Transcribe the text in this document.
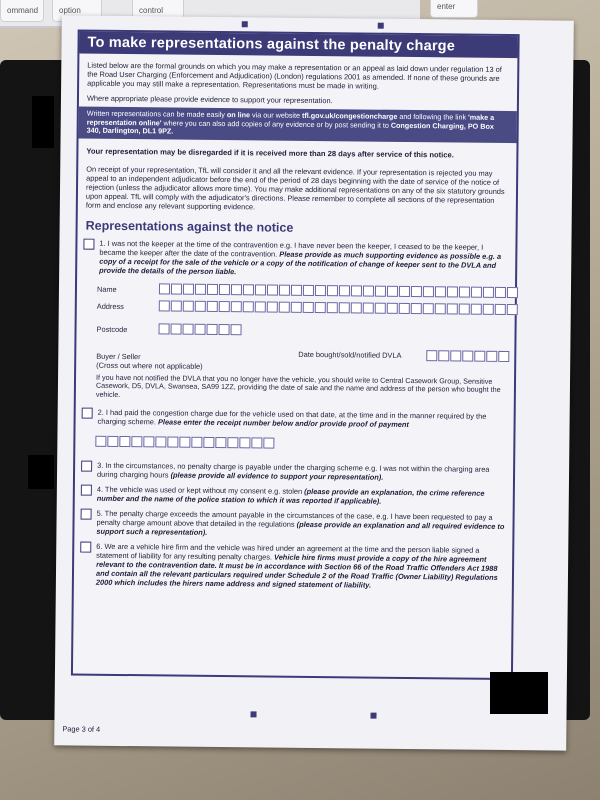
ommand	option	control	enter
To make representations against the penalty charge
Listed below are the formal grounds on which you may make a representation or an appeal as laid down under regulation 13 of the Road User Charging (Enforcement and Adjudication) (London) regulations 2001 as amended. If none of these grounds are applicable you may still make a representation. Representations must be made in writing.
Where appropriate please provide evidence to support your representation.
Written representations can be made easily on line via our website tfl.gov.uk/congestioncharge and following the link 'make a representation online' where you can also add copies of any evidence or by post sending it to Congestion Charging, PO Box 340, Darlington, DL1 9PZ.
Your representation may be disregarded if it is received more than 28 days after service of this notice.
On receipt of your representation, TfL will consider it and all the relevant evidence. If your representation is rejected you may appeal to an independent adjudicator before the end of the period of 28 days beginning with the date of service of the notice of rejection (unless the adjudicator allows more time). You may make additional representations on any of the six statutory grounds upon appeal. TfL will comply with the adjudicator's directions. Please remember to complete all sections of the representation form and enclose any relevant supporting evidence.
Representations against the notice
1. I was not the keeper at the time of the contravention e.g. I have never been the keeper, I ceased to be the keeper, I became the keeper after the date of the contravention. Please provide as much supporting evidence as possible e.g. a copy of a receipt for the sale of the vehicle or a copy of the notification of change of keeper sent to the DVLA and provide the details of the person liable.
Name
Address
Postcode
Buyer / Seller
(Cross out where not applicable)
Date bought/sold/notified DVLA
If you have not notified the DVLA that you no longer have the vehicle, you should write to Central Casework Group, Sensitive Casework, D5, DVLA, Swansea, SA99 1ZZ, providing the date of sale and the name and address of the person who bought the vehicle.
2. I had paid the congestion charge due for the vehicle used on that date, at the time and in the manner required by the charging scheme. Please enter the receipt number below and/or provide proof of payment
3. In the circumstances, no penalty charge is payable under the charging scheme e.g. I was not within the charging area during charging hours (please provide all evidence to support your representation).
4. The vehicle was used or kept without my consent e.g. stolen (please provide an explanation, the crime reference number and the name of the police station to which it was reported if applicable).
5. The penalty charge exceeds the amount payable in the circumstances of the case, e.g. I have been requested to pay a penalty charge amount above that detailed in the regulations (please provide an explanation and all required evidence to support such a representation).
6. We are a vehicle hire firm and the vehicle was hired under an agreement at the time and the person liable signed a statement of liability for any resulting penalty charges. Vehicle hire firms must provide a copy of the hire agreement relevant to the contravention date. It must be in accordance with Section 66 of the Road Traffic Offenders Act 1988 and contain all the relevant particulars required under Schedule 2 of the Road Traffic (Owner Liability) Regulations 2000 which includes the hirers name address and signed statement of liability.
Page 3 of 4
